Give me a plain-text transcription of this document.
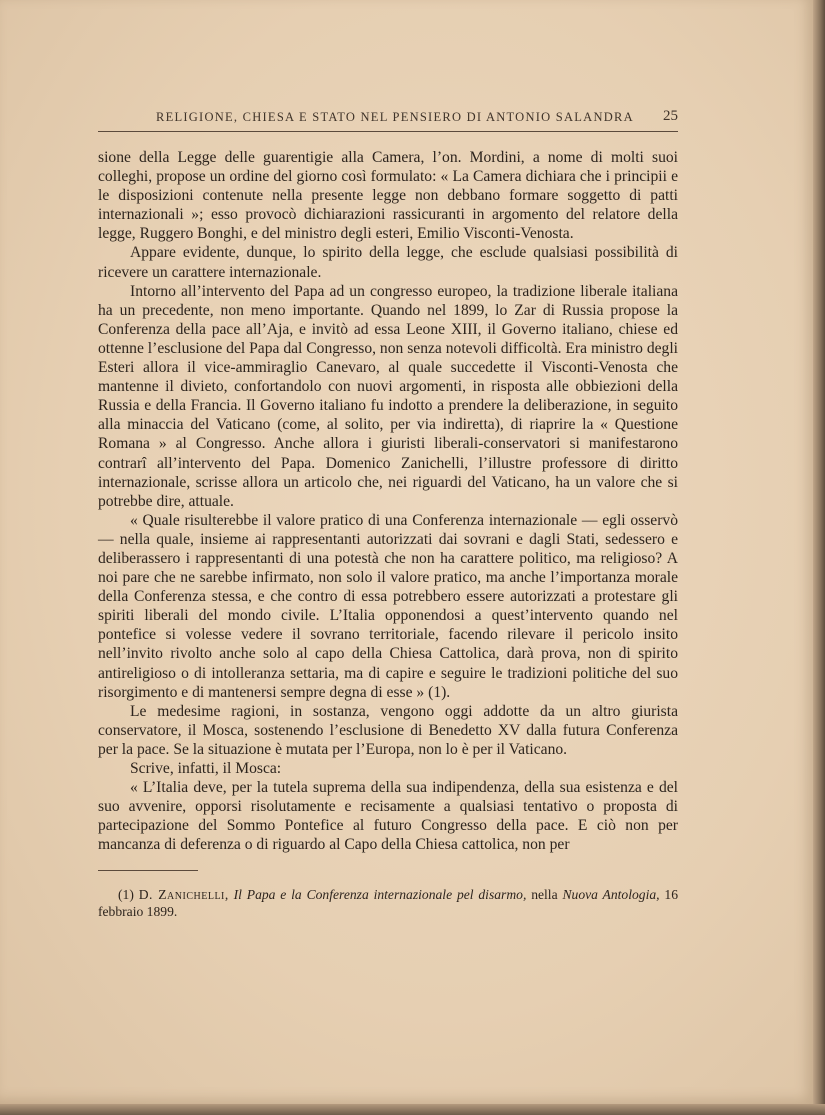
RELIGIONE, CHIESA E STATO NEL PENSIERO DI ANTONIO SALANDRA 25

sione della Legge delle guarentigie alla Camera, l’on. Mordini, a nome di molti suoi colleghi, propose un ordine del giorno così formulato: « La Camera dichiara che i principii e le disposizioni contenute nella presente legge non debbano formare soggetto di patti internazionali »; esso provocò dichiarazioni rassicuranti in argomento del relatore della legge, Ruggero Bonghi, e del ministro degli esteri, Emilio Visconti-Venosta.

Appare evidente, dunque, lo spirito della legge, che esclude qualsiasi possibilità di ricevere un carattere internazionale.

Intorno all’intervento del Papa ad un congresso europeo, la tradizione liberale italiana ha un precedente, non meno importante. Quando nel 1899, lo Zar di Russia propose la Conferenza della pace all’Aja, e invitò ad essa Leone XIII, il Governo italiano, chiese ed ottenne l’esclusione del Papa dal Congresso, non senza notevoli difficoltà. Era ministro degli Esteri allora il vice-ammiraglio Canevaro, al quale succedette il Visconti-Venosta che mantenne il divieto, confortandolo con nuovi argomenti, in risposta alle obbiezioni della Russia e della Francia. Il Governo italiano fu indotto a prendere la deliberazione, in seguito alla minaccia del Vaticano (come, al solito, per via indiretta), di riaprire la « Questione Romana » al Congresso. Anche allora i giuristi liberali-conservatori si manifestarono contrarî all’intervento del Papa. Domenico Zanichelli, l’illustre professore di diritto internazionale, scrisse allora un articolo che, nei riguardi del Vaticano, ha un valore che si potrebbe dire, attuale.

« Quale risulterebbe il valore pratico di una Conferenza internazionale — egli osservò — nella quale, insieme ai rappresentanti autorizzati dai sovrani e dagli Stati, sedessero e deliberassero i rappresentanti di una potestà che non ha carattere politico, ma religioso? A noi pare che ne sarebbe infirmato, non solo il valore pratico, ma anche l’importanza morale della Conferenza stessa, e che contro di essa potrebbero essere autorizzati a protestare gli spiriti liberali del mondo civile. L’Italia opponendosi a quest’intervento quando nel pontefice si volesse vedere il sovrano territoriale, facendo rilevare il pericolo insito nell’invito rivolto anche solo al capo della Chiesa Cattolica, darà prova, non di spirito antireligioso o di intolleranza settaria, ma di capire e seguire le tradizioni politiche del suo risorgimento e di mantenersi sempre degna di esse » (1).

Le medesime ragioni, in sostanza, vengono oggi addotte da un altro giurista conservatore, il Mosca, sostenendo l’esclusione di Benedetto XV dalla futura Conferenza per la pace. Se la situazione è mutata per l’Europa, non lo è per il Vaticano.

Scrive, infatti, il Mosca:

« L’Italia deve, per la tutela suprema della sua indipendenza, della sua esistenza e del suo avvenire, opporsi risolutamente e recisamente a qualsiasi tentativo o proposta di partecipazione del Sommo Pontefice al futuro Congresso della pace. E ciò non per mancanza di deferenza o di riguardo al Capo della Chiesa cattolica, non per

(1) D. Zanichelli, Il Papa e la Conferenza internazionale pel disarmo, nella Nuova Antologia, 16 febbraio 1899.
